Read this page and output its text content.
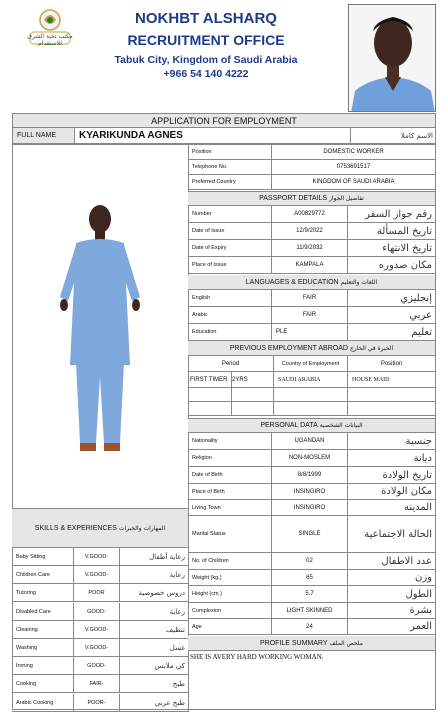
مكتب نخبة الشرق للاستقدام
NOKHBT ALSHARQ
RECRUITMENT OFFICE
Tabuk City, Kingdom of Saudi Arabia
+966 54 140 4222
APPLICATION FOR EMPLOYMENT
FULL NAME	KYARIKUNDA AGNES	الاسم كاملا
Position	DOMESTIC WORKER
Telephone No.	0753691517
Preferred Country	KINGDOM OF SAUDI ARABIA
PASSPORT DETAILS
تفاصيل الجواز
Number	A00829772	رقم جواز السفر
Date of Issue	12/9/2022	تاريخ المسألة
Date of Expiry	11/9/2032	تاريخ الانتهاء
Place of Issue	KAMPALA	مكان صدوره
LANGUAGES & EDUCATION
اللغات والتعليم
English	FAIR	إنجليزي
Arabic	FAIR	عربي
Education	PLE	تعليم
PREVIOUS EMPLOYMENT ABROAD
الخبرة في الخارج
Period	Country of Employment	Position
FIRST TIMER 2YRS	SAUDI ARABIA	HOUSE MAID
PERSONAL DATA
البيانات الشخصية
Nationality	UGANDAN	جنسية
Religion	NON-MOSLEM	ديانة
Date of Birth	8/8/1999	تاريخ الولادة
Place of Birth	INSINGIRO	مكان الولادة
Living Town	INSINGIRO	المدينه
Marital Status	SINGLE	الحالة الاجتماعية
No. of Children	02	عدد الاطفال
Weight (kg.)	65	وزن
Height (cm.)	5.7	الطول
Complexion	LIGHT SKINNED	بشرة
Age	24	العمر
SKILLS & EXPERIENCES
المهارات والخبرات
Baby Sitting	V.GOOD-	رعاية أطفال
Children Care	V.GOOD-	رعاية
Tutoring	POOR	دروس خصوصية
Disabled Care	GOOD-	رعاية
Cleaning	V.GOOD-	تنظيف
Washing	V.GOOD-	غسل
Ironing	GOOD-	كي ملابس
Cooking	FAIR-	طبخ
Arabic Cooking	POOR-	طبخ عربي
PROFILE SUMMARY
ملخص الملف
SHE IS AVERY HARD WORKING WOMAN.
